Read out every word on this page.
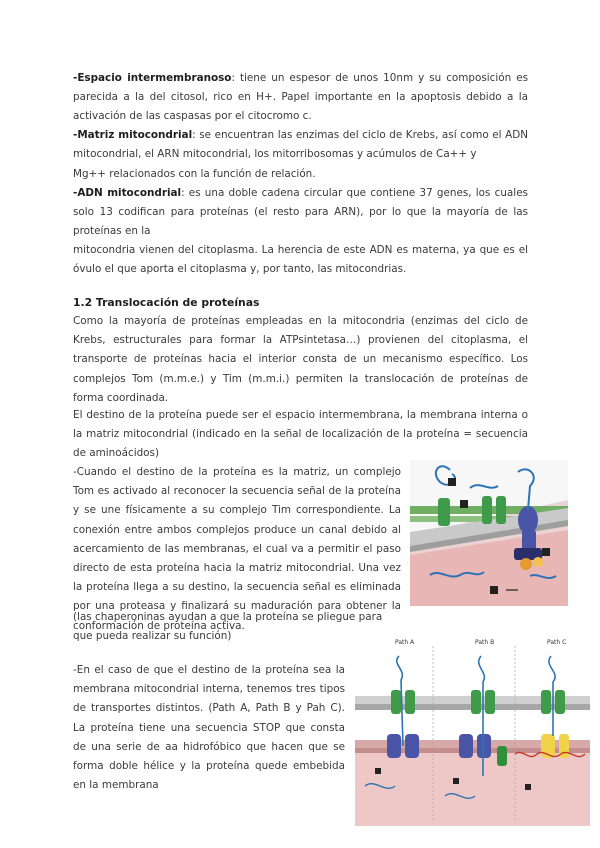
-Espacio intermembranoso: tiene un espesor de unos 10nm y su composición es parecida a la del citosol, rico en H+. Papel importante en la apoptosis debido a la activación de las caspasas por el citocromo c.

-Matriz mitocondrial: se encuentran las enzimas del ciclo de Krebs, así como el ADN mitocondrial, el ARN mitocondrial, los mitorribosomas y acúmulos de Ca++ y

Mg++ relacionados con la función de relación.

-ADN mitocondrial: es una doble cadena circular que contiene 37 genes, los cuales solo 13 codifican para proteínas (el resto para ARN), por lo que la mayoría de las proteínas en la

mitocondria vienen del citoplasma. La herencia de este ADN es materna, ya que es el óvulo el que aporta el citoplasma y, por tanto, las mitocondrias.

1.2 Translocación de proteínas

Como la mayoría de proteínas empleadas en la mitocondria (enzimas del ciclo de Krebs, estructurales para formar la ATPsintetasa…) provienen del citoplasma, el transporte de proteínas hacia el interior consta de un mecanismo específico. Los complejos Tom (m.m.e.) y Tim (m.m.i.) permiten la translocación de proteínas de forma coordinada.

El destino de la proteína puede ser el espacio intermembrana, la membrana interna o la matriz mitocondrial (indicado en la señal de localización de la proteína = secuencia de aminoácidos)

-Cuando el destino de la proteína es la matriz, un complejo Tom es activado al reconocer la secuencia señal de la proteína y se une físicamente a su complejo Tim correspondiente. La conexión entre ambos complejos produce un canal debido al acercamiento de las membranas, el cual va a permitir el paso directo de esta proteína hacia la matriz mitocondrial. Una vez la proteína llega a su destino, la secuencia señal es eliminada por una proteasa y finalizará su maduración para obtener la conformación de proteína activa.

(las chaperoninas ayudan a que la proteína se pliegue para que pueda realizar su función)

-En el caso de que el destino de la proteína sea la membrana mitocondrial interna, tenemos tres tipos de transportes distintos. (Path A, Path B y Pah C). La proteína tiene una secuencia STOP que consta de una serie de aa hidrofóbico que hacen que se forma doble hélice y la proteína quede embebida en la membrana

Path A	Path B	Path C
